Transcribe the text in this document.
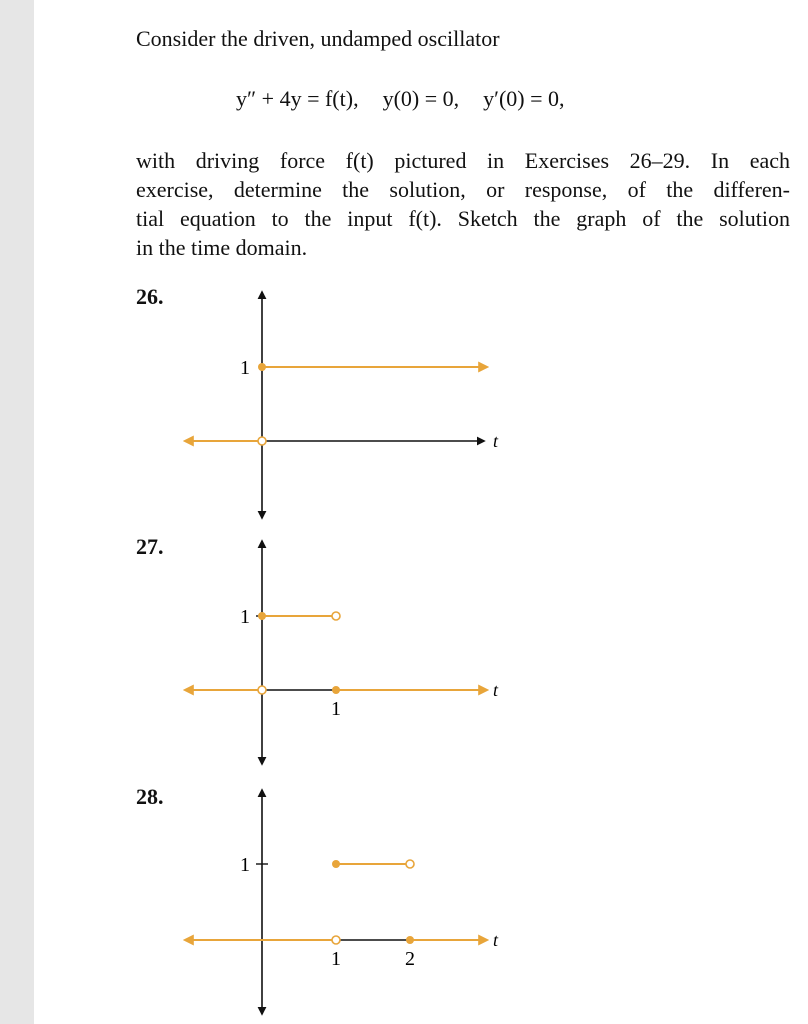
Consider the driven, undamped oscillator
y″ + 4y = f(t), y(0) = 0, y′(0) = 0,
with driving force f(t) pictured in Exercises 26–29. In each
exercise, determine the solution, or response, of the differen-
tial equation to the input f(t). Sketch the graph of the solution
in the time domain.
26.
27.
28.
1
t
1
1
t
1
1	2
t
